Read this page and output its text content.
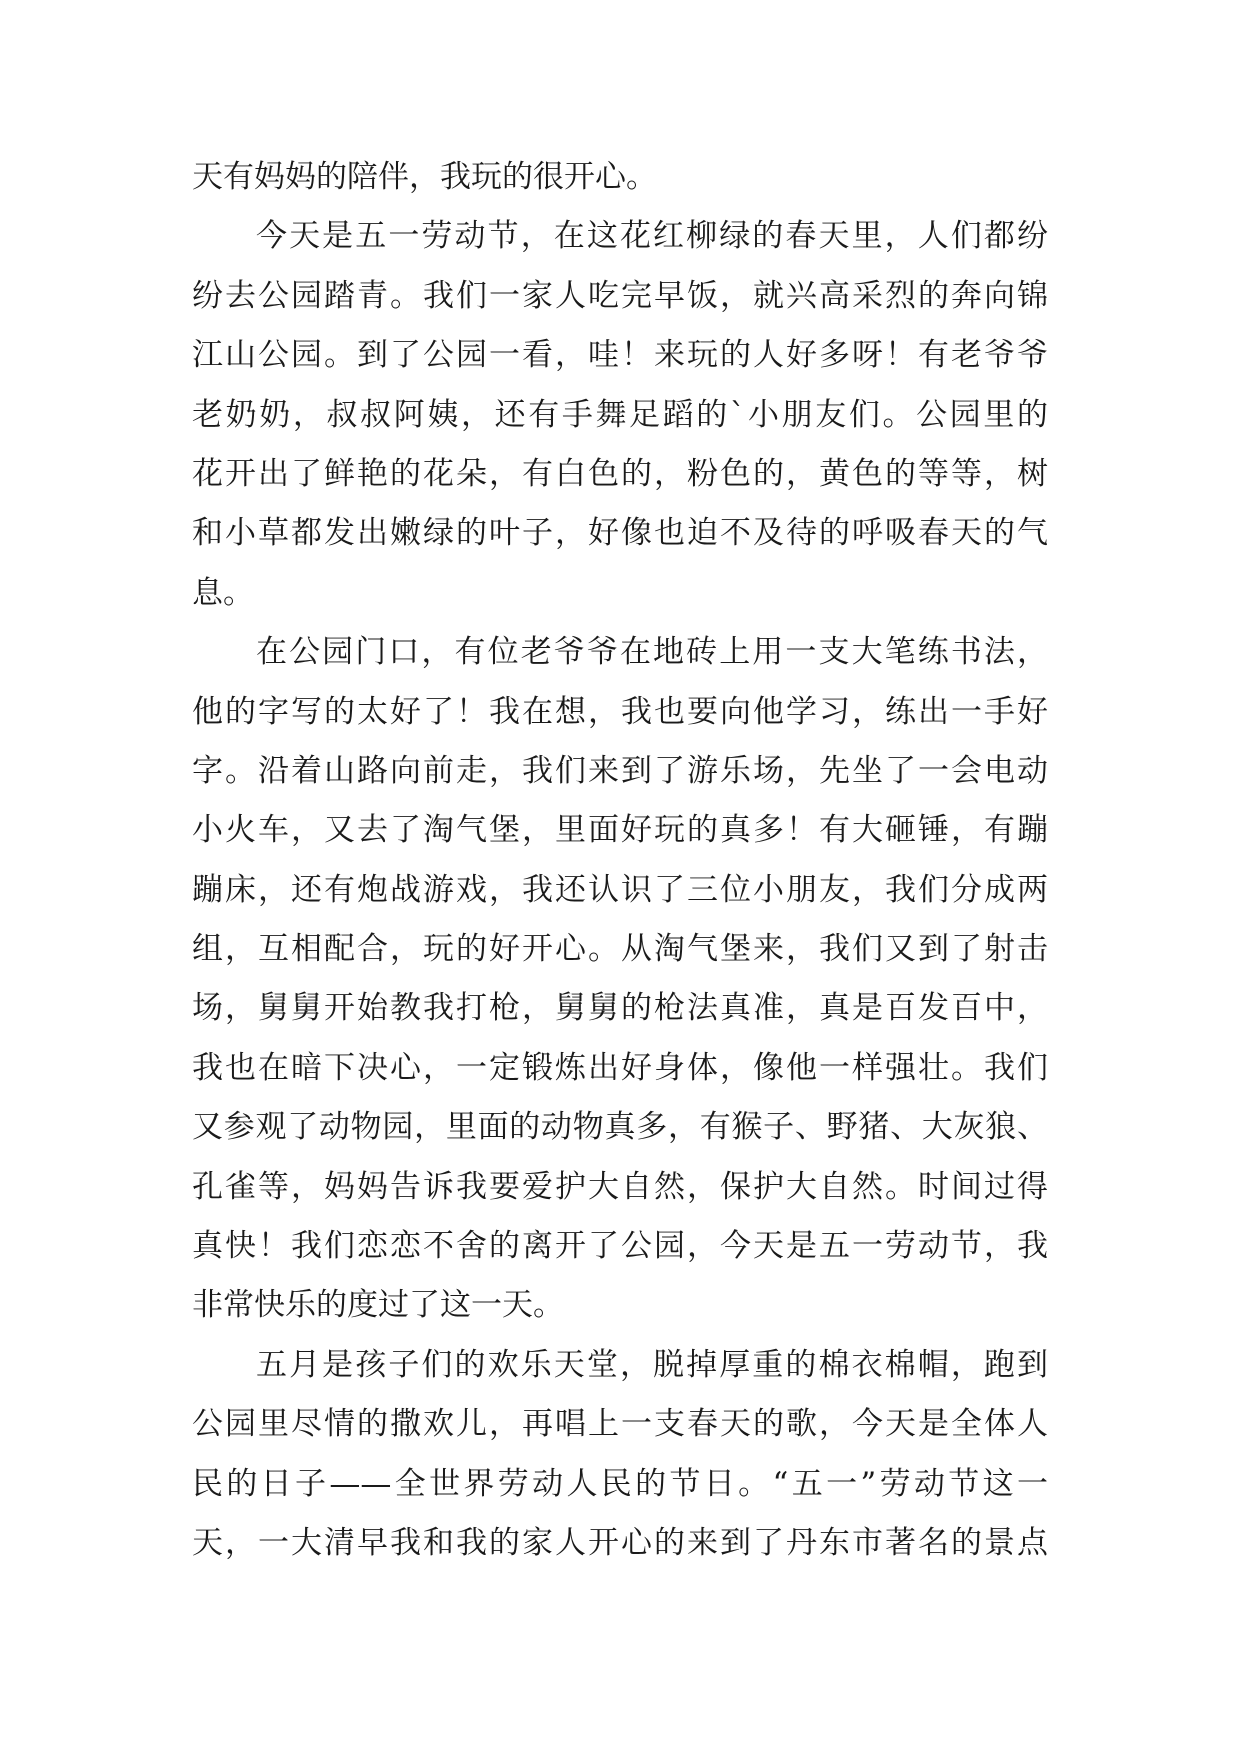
天有妈妈的陪伴，我玩的很开心。
今天是五一劳动节，在这花红柳绿的春天里，人们都纷
纷去公园踏青。我们一家人吃完早饭，就兴高采烈的奔向锦
江山公园。到了公园一看，哇！来玩的人好多呀！有老爷爷
老奶奶，叔叔阿姨，还有手舞足蹈的`小朋友们。公园里的
花开出了鲜艳的花朵，有白色的，粉色的，黄色的等等，树
和小草都发出嫩绿的叶子，好像也迫不及待的呼吸春天的气
息。
在公园门口，有位老爷爷在地砖上用一支大笔练书法，
他的字写的太好了！我在想，我也要向他学习，练出一手好
字。沿着山路向前走，我们来到了游乐场，先坐了一会电动
小火车，又去了淘气堡，里面好玩的真多！有大砸锤，有蹦
蹦床，还有炮战游戏，我还认识了三位小朋友，我们分成两
组，互相配合，玩的好开心。从淘气堡来，我们又到了射击
场，舅舅开始教我打枪，舅舅的枪法真准，真是百发百中，
我也在暗下决心，一定锻炼出好身体，像他一样强壮。我们
又参观了动物园，里面的动物真多，有猴子、野猪、大灰狼、
孔雀等，妈妈告诉我要爱护大自然，保护大自然。时间过得
真快！我们恋恋不舍的离开了公园，今天是五一劳动节，我
非常快乐的度过了这一天。
五月是孩子们的欢乐天堂，脱掉厚重的棉衣棉帽，跑到
公园里尽情的撒欢儿，再唱上一支春天的歌，今天是全体人
民的日子——全世界劳动人民的节日。“五一”劳动节这一
天，一大清早我和我的家人开心的来到了丹东市著名的景点
